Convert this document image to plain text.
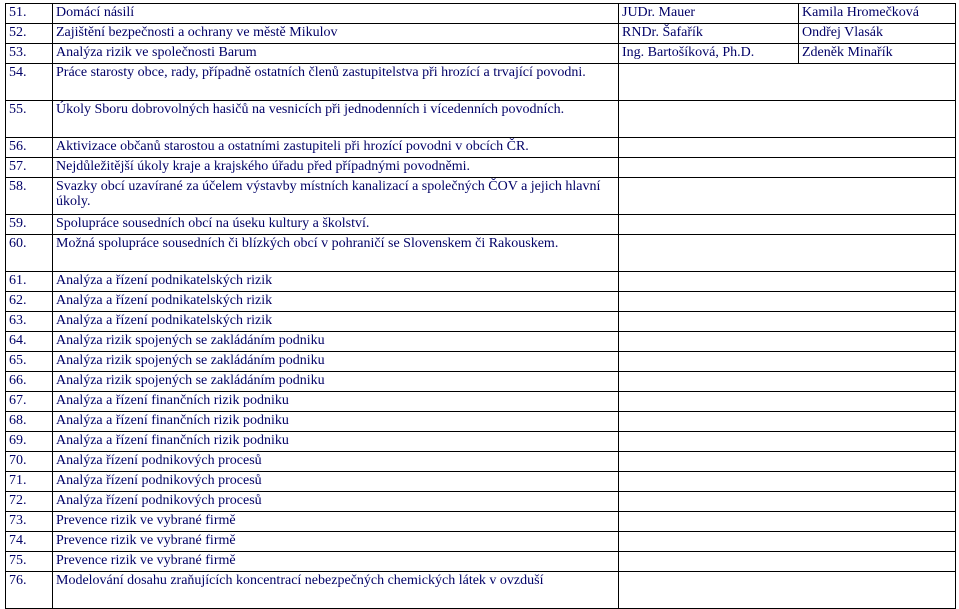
51.	Domácí násilí	JUDr. Mauer	Kamila Hromečková
52.	Zajištění bezpečnosti a ochrany ve městě Mikulov	RNDr. Šafařík	Ondřej Vlasák
53.	Analýza rizik ve společnosti Barum	Ing. Bartošíková, Ph.D.	Zdeněk Minařík
54.	Práce starosty obce, rady, případně ostatních členů zastupitelstva při hrozící a trvající povodni.		
55.	Úkoly Sboru dobrovolných hasičů na vesnicích při jednodenních i vícedenních povodních.		
56.	Aktivizace občanů starostou a ostatními zastupiteli při hrozící povodni v obcích ČR.		
57.	Nejdůležitější úkoly kraje a krajského úřadu před případnými povodněmi.		
58.	Svazky obcí uzavírané za účelem výstavby místních kanalizací a společných ČOV a jejich hlavní úkoly.		
59.	Spolupráce sousedních obcí na úseku kultury a školství.		
60.	Možná spolupráce sousedních či blízkých obcí v pohraničí se Slovenskem či Rakouskem.		
61.	Analýza a řízení podnikatelských rizik		
62.	Analýza a řízení podnikatelských rizik		
63.	Analýza a řízení podnikatelských rizik		
64.	Analýza rizik spojených se zakládáním podniku		
65.	Analýza rizik spojených se zakládáním podniku		
66.	Analýza rizik spojených se zakládáním podniku		
67.	Analýza a řízení finančních rizik podniku		
68.	Analýza a řízení finančních rizik podniku		
69.	Analýza a řízení finančních rizik podniku		
70.	Analýza řízení podnikových procesů		
71.	Analýza řízení podnikových procesů		
72.	Analýza řízení podnikových procesů		
73.	Prevence rizik ve vybrané firmě		
74.	Prevence rizik ve vybrané firmě		
75.	Prevence rizik ve vybrané firmě		
76.	Modelování dosahu zraňujících koncentrací nebezpečných chemických látek v ovzduší		
